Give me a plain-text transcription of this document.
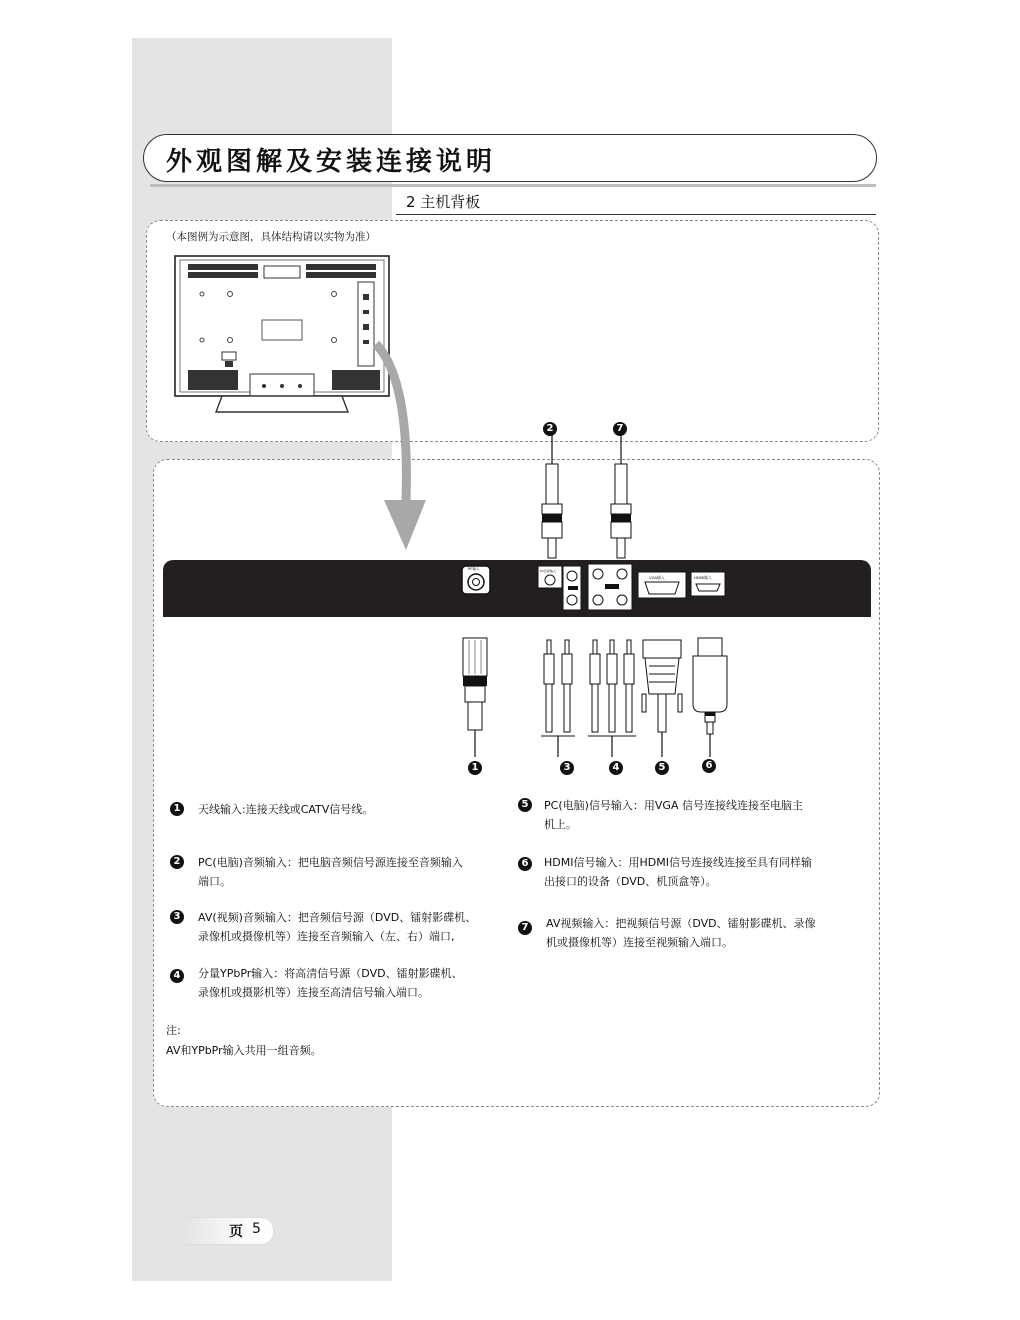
外观图解及安装连接说明
2 主机背板
（本图例为示意图，具体结构请以实物为准）
RF输入	PC音频输入
VGA输入	HDMI输入
2	7
1	3	4	5	6
1	天线输入:连接天线或CATV信号线。
2	PC(电脑)音频输入：把电脑音频信号源连接至音频输入
端口。
3	AV(视频)音频输入：把音频信号源（DVD、镭射影碟机、
录像机或摄像机等）连接至音频输入（左、右）端口,
4	分量YPbPr输入：将高清信号源（DVD、镭射影碟机、
录像机或摄影机等）连接至高清信号输入端口。
5	PC(电脑)信号输入：用VGA 信号连接线连接至电脑主
机上。
6	HDMI信号输入：用HDMI信号连接线连接至具有同样输
出接口的设备（DVD、机顶盒等）。
7	AV视频输入：把视频信号源（DVD、镭射影碟机、录像
机或摄像机等）连接至视频输入端口。
注:
AV和YPbPr输入共用一组音频。
页 5
